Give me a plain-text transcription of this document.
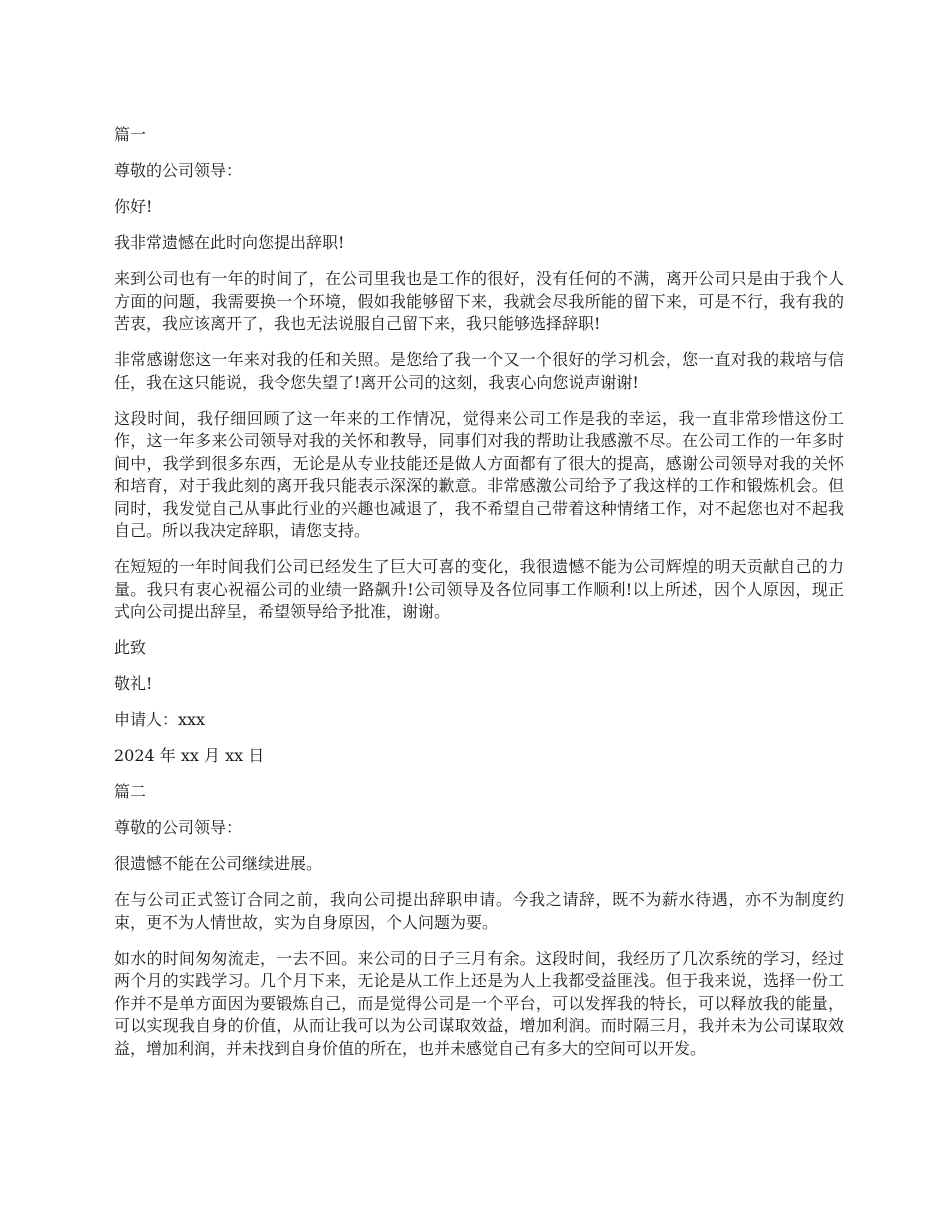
篇一

尊敬的公司领导：

你好!

我非常遗憾在此时向您提出辞职!

来到公司也有一年的时间了，在公司里我也是工作的很好，没有任何的不满，离开公司只是由于我个人方面的问题，我需要换一个环境，假如我能够留下来，我就会尽我所能的留下来，可是不行，我有我的苦衷，我应该离开了，我也无法说服自己留下来，我只能够选择辞职!

非常感谢您这一年来对我的任和关照。是您给了我一个又一个很好的学习机会，您一直对我的栽培与信任，我在这只能说，我令您失望了!离开公司的这刻，我衷心向您说声谢谢!

这段时间，我仔细回顾了这一年来的工作情况，觉得来公司工作是我的幸运，我一直非常珍惜这份工作，这一年多来公司领导对我的关怀和教导，同事们对我的帮助让我感激不尽。在公司工作的一年多时间中，我学到很多东西，无论是从专业技能还是做人方面都有了很大的提高，感谢公司领导对我的关怀和培育，对于我此刻的离开我只能表示深深的歉意。非常感激公司给予了我这样的工作和锻炼机会。但同时，我发觉自己从事此行业的兴趣也减退了，我不希望自己带着这种情绪工作，对不起您也对不起我自己。所以我决定辞职，请您支持。

在短短的一年时间我们公司已经发生了巨大可喜的变化，我很遗憾不能为公司辉煌的明天贡献自己的力量。我只有衷心祝福公司的业绩一路飙升!公司领导及各位同事工作顺利!以上所述，因个人原因，现正式向公司提出辞呈，希望领导给予批准，谢谢。

此致

敬礼!

申请人：xxx

2024 年 xx 月 xx 日

篇二

尊敬的公司领导：

很遗憾不能在公司继续进展。

在与公司正式签订合同之前，我向公司提出辞职申请。今我之请辞，既不为薪水待遇，亦不为制度约束，更不为人情世故，实为自身原因，个人问题为要。

如水的时间匆匆流走，一去不回。来公司的日子三月有余。这段时间，我经历了几次系统的学习，经过两个月的实践学习。几个月下来，无论是从工作上还是为人上我都受益匪浅。但于我来说，选择一份工作并不是单方面因为要锻炼自己，而是觉得公司是一个平台，可以发挥我的特长，可以释放我的能量，可以实现我自身的价值，从而让我可以为公司谋取效益，增加利润。而时隔三月，我并未为公司谋取效益，增加利润，并未找到自身价值的所在，也并未感觉自己有多大的空间可以开发。
